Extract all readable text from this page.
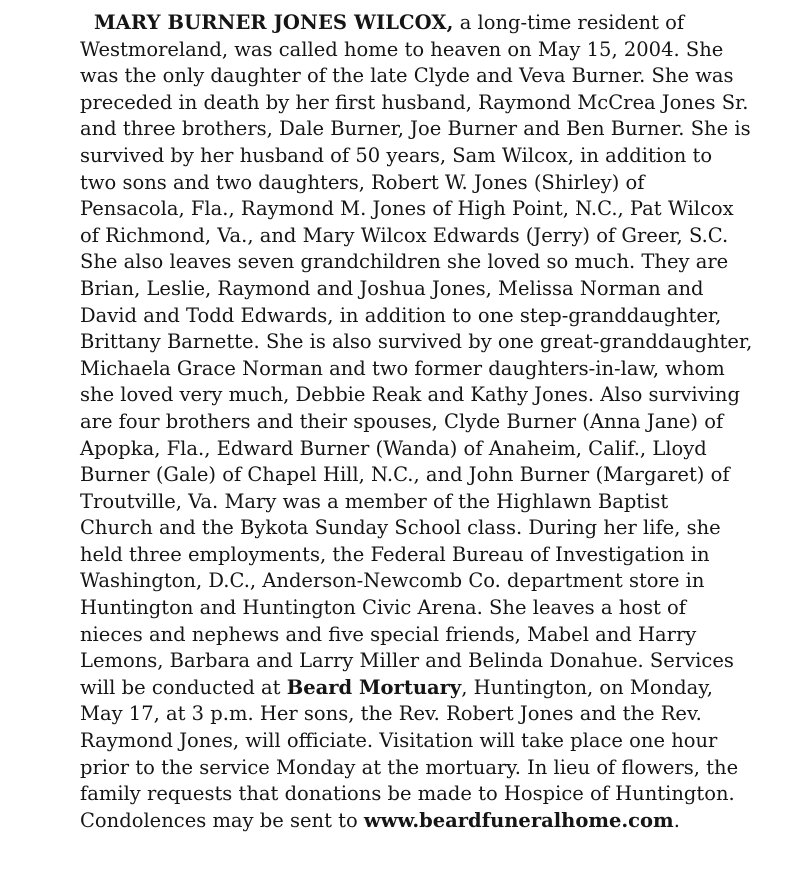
MARY BURNER JONES WILCOX, a long-time resident of
Westmoreland, was called home to heaven on May 15, 2004. She
was the only daughter of the late Clyde and Veva Burner. She was
preceded in death by her first husband, Raymond McCrea Jones Sr.
and three brothers, Dale Burner, Joe Burner and Ben Burner. She is
survived by her husband of 50 years, Sam Wilcox, in addition to
two sons and two daughters, Robert W. Jones (Shirley) of
Pensacola, Fla., Raymond M. Jones of High Point, N.C., Pat Wilcox
of Richmond, Va., and Mary Wilcox Edwards (Jerry) of Greer, S.C.
She also leaves seven grandchildren she loved so much. They are
Brian, Leslie, Raymond and Joshua Jones, Melissa Norman and
David and Todd Edwards, in addition to one step-granddaughter,
Brittany Barnette. She is also survived by one great-granddaughter,
Michaela Grace Norman and two former daughters-in-law, whom
she loved very much, Debbie Reak and Kathy Jones. Also surviving
are four brothers and their spouses, Clyde Burner (Anna Jane) of
Apopka, Fla., Edward Burner (Wanda) of Anaheim, Calif., Lloyd
Burner (Gale) of Chapel Hill, N.C., and John Burner (Margaret) of
Troutville, Va. Mary was a member of the Highlawn Baptist
Church and the Bykota Sunday School class. During her life, she
held three employments, the Federal Bureau of Investigation in
Washington, D.C., Anderson-Newcomb Co. department store in
Huntington and Huntington Civic Arena. She leaves a host of
nieces and nephews and five special friends, Mabel and Harry
Lemons, Barbara and Larry Miller and Belinda Donahue. Services
will be conducted at Beard Mortuary, Huntington, on Monday,
May 17, at 3 p.m. Her sons, the Rev. Robert Jones and the Rev.
Raymond Jones, will officiate. Visitation will take place one hour
prior to the service Monday at the mortuary. In lieu of flowers, the
family requests that donations be made to Hospice of Huntington.
Condolences may be sent to www.beardfuneralhome.com.
